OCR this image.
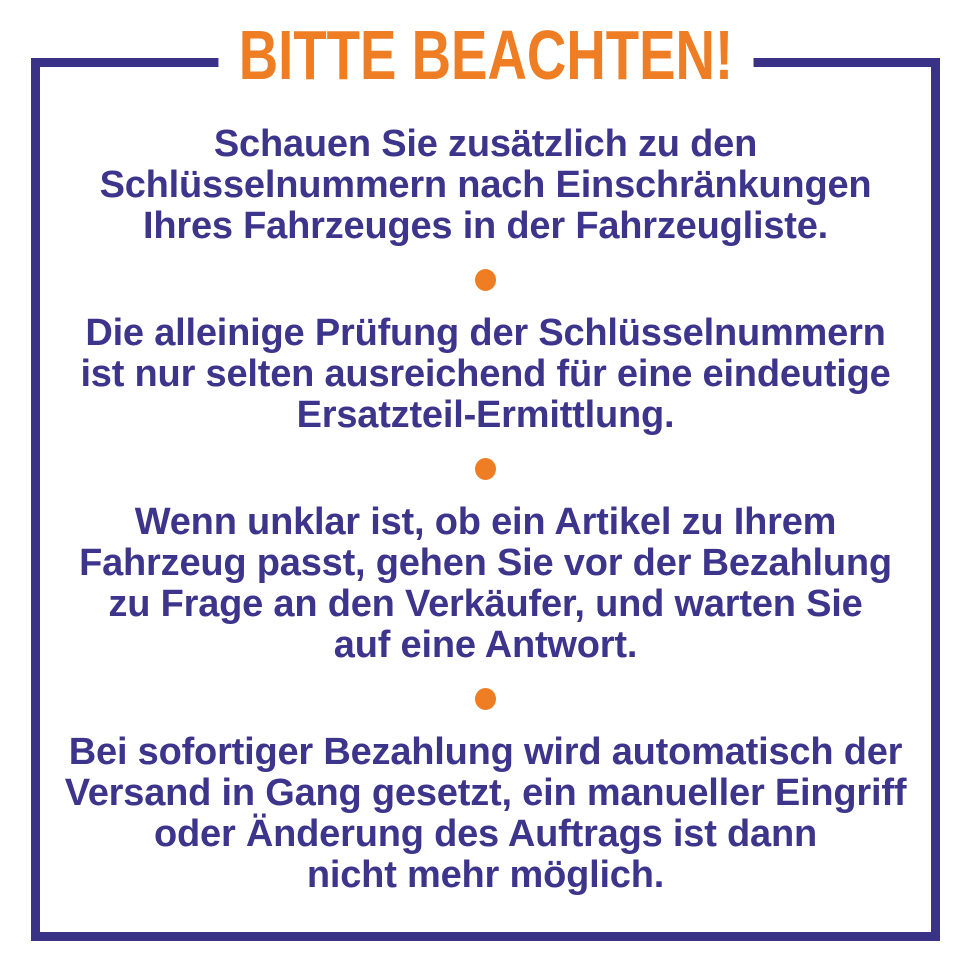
BITTE BEACHTEN!
Schauen Sie zusätzlich zu den
Schlüsselnummern nach Einschränkungen
Ihres Fahrzeuges in der Fahrzeugliste.
Die alleinige Prüfung der Schlüsselnummern
ist nur selten ausreichend für eine eindeutige
Ersatzteil-Ermittlung.
Wenn unklar ist, ob ein Artikel zu Ihrem
Fahrzeug passt, gehen Sie vor der Bezahlung
zu Frage an den Verkäufer, und warten Sie
auf eine Antwort.
Bei sofortiger Bezahlung wird automatisch der
Versand in Gang gesetzt, ein manueller Eingriff
oder Änderung des Auftrags ist dann
nicht mehr möglich.
